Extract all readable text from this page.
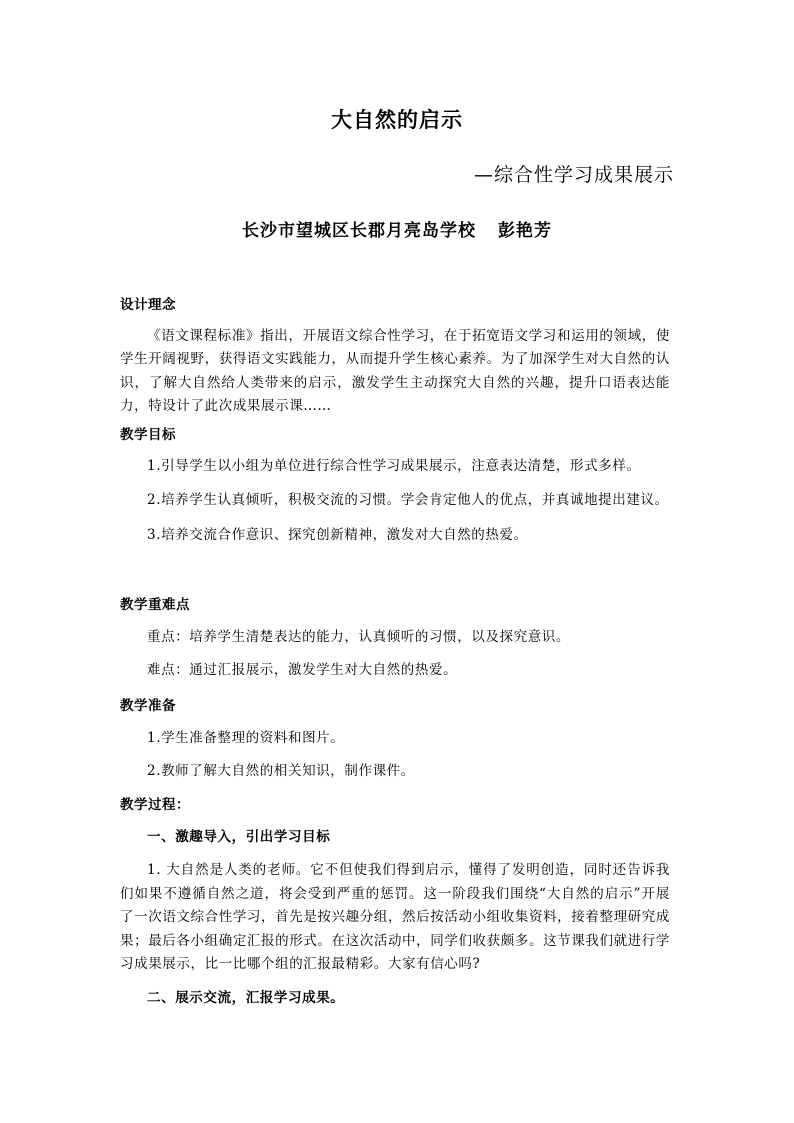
大自然的启示
—综合性学习成果展示
长沙市望城区长郡月亮岛学校 彭艳芳
设计理念
《语文课程标准》指出，开展语文综合性学习，在于拓宽语文学习和运用的领域，使学生开阔视野，获得语文实践能力，从而提升学生核心素养。为了加深学生对大自然的认识，了解大自然给人类带来的启示，激发学生主动探究大自然的兴趣，提升口语表达能力，特设计了此次成果展示课……
教学目标
1.引导学生以小组为单位进行综合性学习成果展示，注意表达清楚，形式多样。
2.培养学生认真倾听，积极交流的习惯。学会肯定他人的优点，并真诚地提出建议。
3.培养交流合作意识、探究创新精神，激发对大自然的热爱。
教学重难点
重点：培养学生清楚表达的能力，认真倾听的习惯，以及探究意识。
难点：通过汇报展示，激发学生对大自然的热爱。
教学准备
1.学生准备整理的资料和图片。
2.教师了解大自然的相关知识，制作课件。
教学过程：
一、激趣导入，引出学习目标
1. 大自然是人类的老师。它不但使我们得到启示，懂得了发明创造，同时还告诉我们如果不遵循自然之道，将会受到严重的惩罚。这一阶段我们围绕“大自然的启示”开展了一次语文综合性学习，首先是按兴趣分组，然后按活动小组收集资料，接着整理研究成果；最后各小组确定汇报的形式。在这次活动中，同学们收获颇多。这节课我们就进行学习成果展示，比一比哪个组的汇报最精彩。大家有信心吗?
二、展示交流，汇报学习成果。
